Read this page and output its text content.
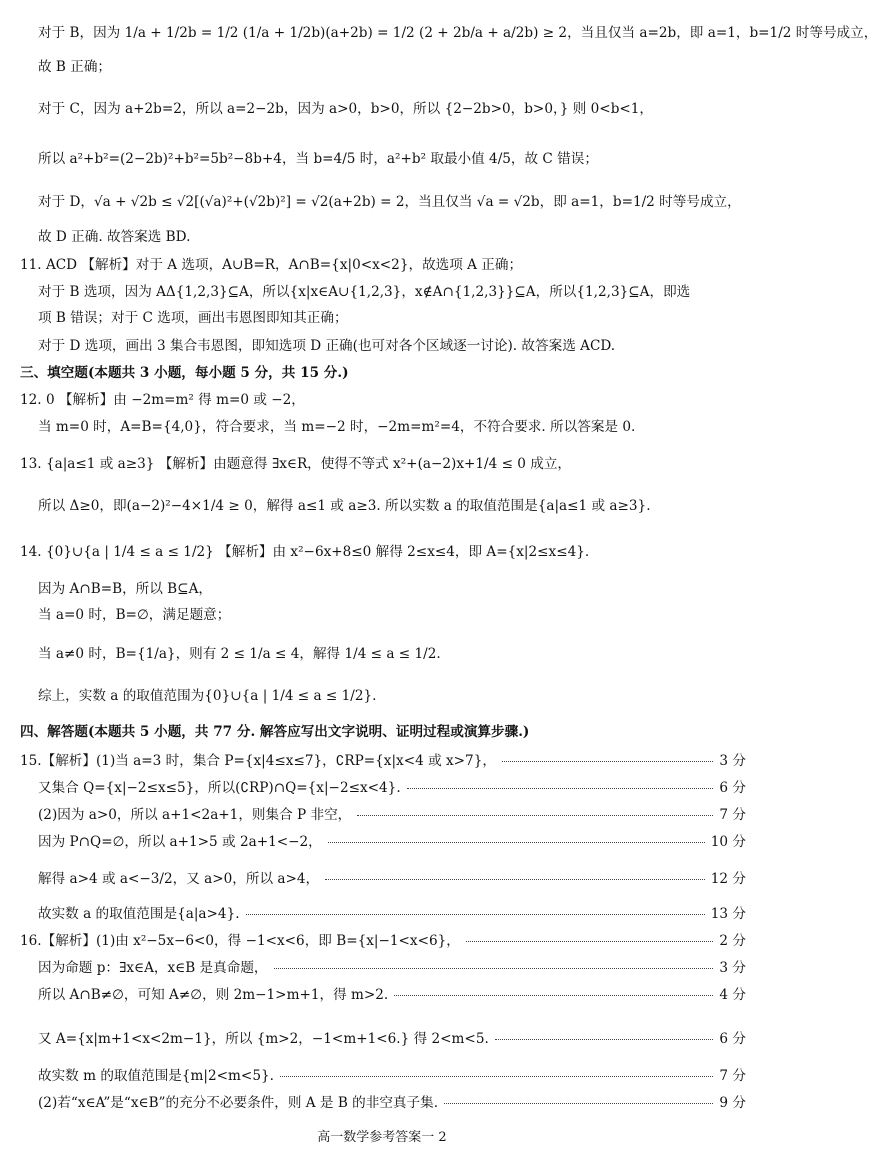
对于 B，因为 1/a + 1/2b = 1/2 (1/a + 1/2b)(a+2b) = 1/2 (2 + 2b/a + a/2b) ≥ 2，当且仅当 a=2b，即 a=1，b=1/2 时等号成立，
故 B 正确；
对于 C，因为 a+2b=2，所以 a=2−2b，因为 a>0，b>0，所以 {2−2b>0，b>0，} 则 0<b<1，
所以 a²+b²=(2−2b)²+b²=5b²−8b+4，当 b=4/5 时，a²+b² 取最小值 4/5，故 C 错误；
对于 D，√a + √2b ≤ √2[(√a)²+(√2b)²] = √2(a+2b) = 2，当且仅当 √a = √2b，即 a=1，b=1/2 时等号成立，
故 D 正确. 故答案选 BD.
11. ACD 【解析】对于 A 选项，A∪B=R，A∩B={x|0<x<2}，故选项 A 正确；
对于 B 选项，因为 AΔ{1,2,3}⊆A，所以{x|x∈A∪{1,2,3}，x∉A∩{1,2,3}}⊆A，所以{1,2,3}⊆A，即选
项 B 错误；对于 C 选项，画出韦恩图即知其正确；
对于 D 选项，画出 3 集合韦恩图，即知选项 D 正确(也可对各个区域逐一讨论). 故答案选 ACD.
三、填空题(本题共 3 小题，每小题 5 分，共 15 分.)
12. 0 【解析】由 −2m=m² 得 m=0 或 −2，
当 m=0 时，A=B={4,0}，符合要求，当 m=−2 时，−2m=m²=4，不符合要求. 所以答案是 0.
13. {a|a≤1 或 a≥3} 【解析】由题意得 ∃x∈R，使得不等式 x²+(a−2)x+1/4 ≤ 0 成立，
所以 Δ≥0，即(a−2)²−4×1/4 ≥ 0，解得 a≤1 或 a≥3. 所以实数 a 的取值范围是{a|a≤1 或 a≥3}.
14. {0}∪{a | 1/4 ≤ a ≤ 1/2} 【解析】由 x²−6x+8≤0 解得 2≤x≤4，即 A={x|2≤x≤4}.
因为 A∩B=B，所以 B⊆A，
当 a=0 时，B=∅，满足题意；
当 a≠0 时，B={1/a}，则有 2 ≤ 1/a ≤ 4，解得 1/4 ≤ a ≤ 1/2.
综上，实数 a 的取值范围为{0}∪{a | 1/4 ≤ a ≤ 1/2}.
四、解答题(本题共 5 小题，共 77 分. 解答应写出文字说明、证明过程或演算步骤.)
15.【解析】(1)当 a=3 时，集合 P={x|4≤x≤7}，∁RP={x|x<4 或 x>7}，	3 分
又集合 Q={x|−2≤x≤5}，所以(∁RP)∩Q={x|−2≤x<4}.	6 分
(2)因为 a>0，所以 a+1<2a+1，则集合 P 非空，	7 分
因为 P∩Q=∅，所以 a+1>5 或 2a+1<−2，	10 分
解得 a>4 或 a<−3/2，又 a>0，所以 a>4，	12 分
故实数 a 的取值范围是{a|a>4}.	13 分
16.【解析】(1)由 x²−5x−6<0，得 −1<x<6，即 B={x|−1<x<6}，	2 分
因为命题 p：∃x∈A，x∈B 是真命题，	3 分
所以 A∩B≠∅，可知 A≠∅，则 2m−1>m+1，得 m>2.	4 分
又 A={x|m+1<x<2m−1}，所以 {m>2，−1<m+1<6.} 得 2<m<5.	6 分
故实数 m 的取值范围是{m|2<m<5}.	7 分
(2)若“x∈A”是“x∈B”的充分不必要条件，则 A 是 B 的非空真子集.	9 分
高一数学参考答案一 2
